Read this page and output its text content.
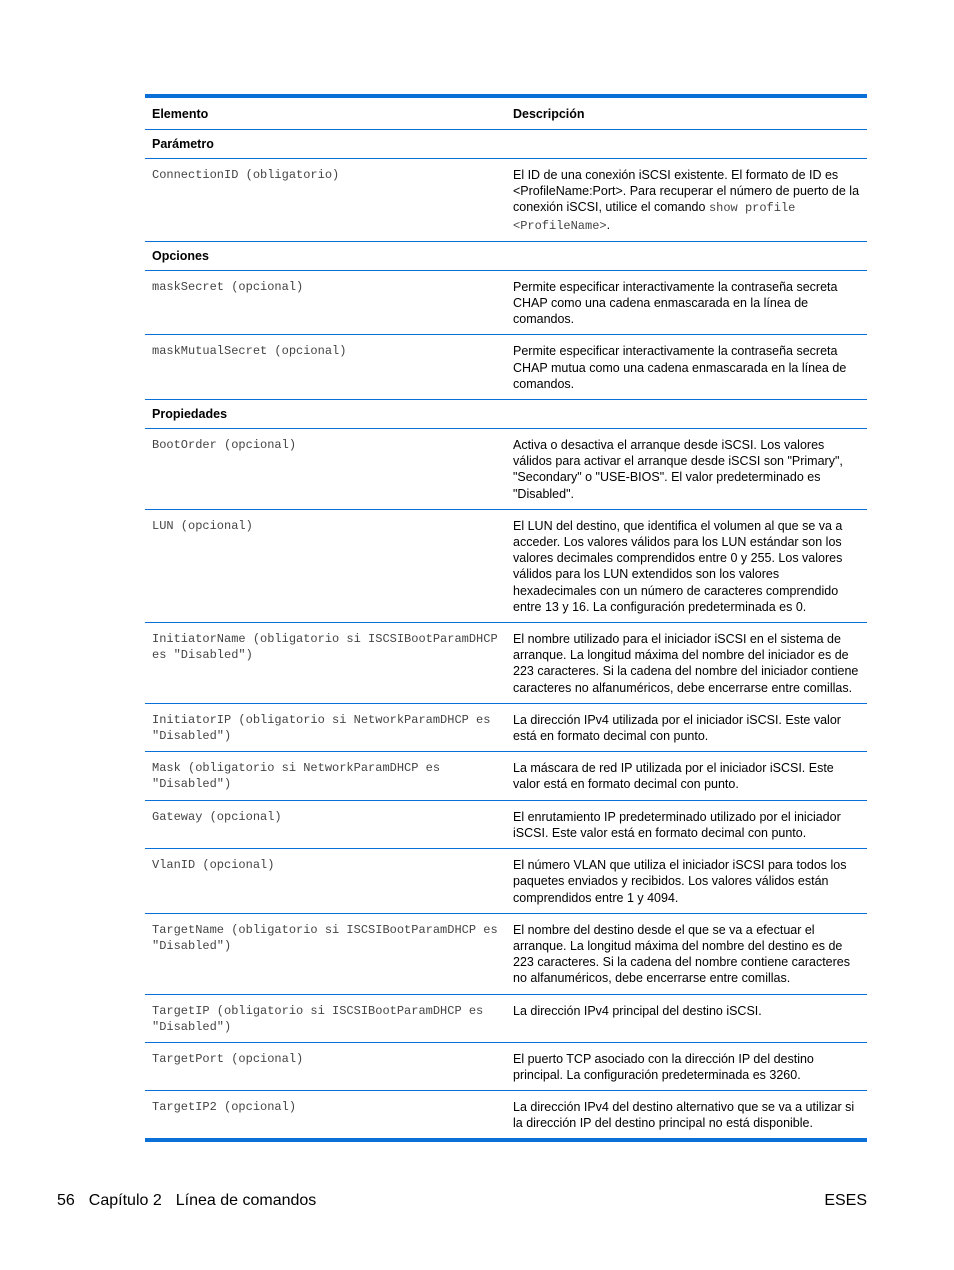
Elemento	Descripción
Parámetro	
ConnectionID (obligatorio)	El ID de una conexión iSCSI existente. El formato de ID es <ProfileName:Port>. Para recuperar el número de puerto de la conexión iSCSI, utilice el comando show profile <ProfileName>.
Opciones	
maskSecret (opcional)	Permite especificar interactivamente la contraseña secreta CHAP como una cadena enmascarada en la línea de comandos.
maskMutualSecret (opcional)	Permite especificar interactivamente la contraseña secreta CHAP mutua como una cadena enmascarada en la línea de comandos.
Propiedades	
BootOrder (opcional)	Activa o desactiva el arranque desde iSCSI. Los valores válidos para activar el arranque desde iSCSI son "Primary", "Secondary" o "USE-BIOS". El valor predeterminado es "Disabled".
LUN (opcional)	El LUN del destino, que identifica el volumen al que se va a acceder. Los valores válidos para los LUN estándar son los valores decimales comprendidos entre 0 y 255. Los valores válidos para los LUN extendidos son los valores hexadecimales con un número de caracteres comprendido entre 13 y 16. La configuración predeterminada es 0.
InitiatorName (obligatorio si ISCSIBootParamDHCP es "Disabled")	El nombre utilizado para el iniciador iSCSI en el sistema de arranque. La longitud máxima del nombre del iniciador es de 223 caracteres. Si la cadena del nombre del iniciador contiene caracteres no alfanuméricos, debe encerrarse entre comillas.
InitiatorIP (obligatorio si NetworkParamDHCP es "Disabled")	La dirección IPv4 utilizada por el iniciador iSCSI. Este valor está en formato decimal con punto.
Mask (obligatorio si NetworkParamDHCP es "Disabled")	La máscara de red IP utilizada por el iniciador iSCSI. Este valor está en formato decimal con punto.
Gateway (opcional)	El enrutamiento IP predeterminado utilizado por el iniciador iSCSI. Este valor está en formato decimal con punto.
VlanID (opcional)	El número VLAN que utiliza el iniciador iSCSI para todos los paquetes enviados y recibidos. Los valores válidos están comprendidos entre 1 y 4094.
TargetName (obligatorio si ISCSIBootParamDHCP es "Disabled")	El nombre del destino desde el que se va a efectuar el arranque. La longitud máxima del nombre del destino es de 223 caracteres. Si la cadena del nombre contiene caracteres no alfanuméricos, debe encerrarse entre comillas.
TargetIP (obligatorio si ISCSIBootParamDHCP es "Disabled")	La dirección IPv4 principal del destino iSCSI.
TargetPort (opcional)	El puerto TCP asociado con la dirección IP del destino principal. La configuración predeterminada es 3260.
TargetIP2 (opcional)	La dirección IPv4 del destino alternativo que se va a utilizar si la dirección IP del destino principal no está disponible.
56 Capítulo 2 Línea de comandos	ESES
